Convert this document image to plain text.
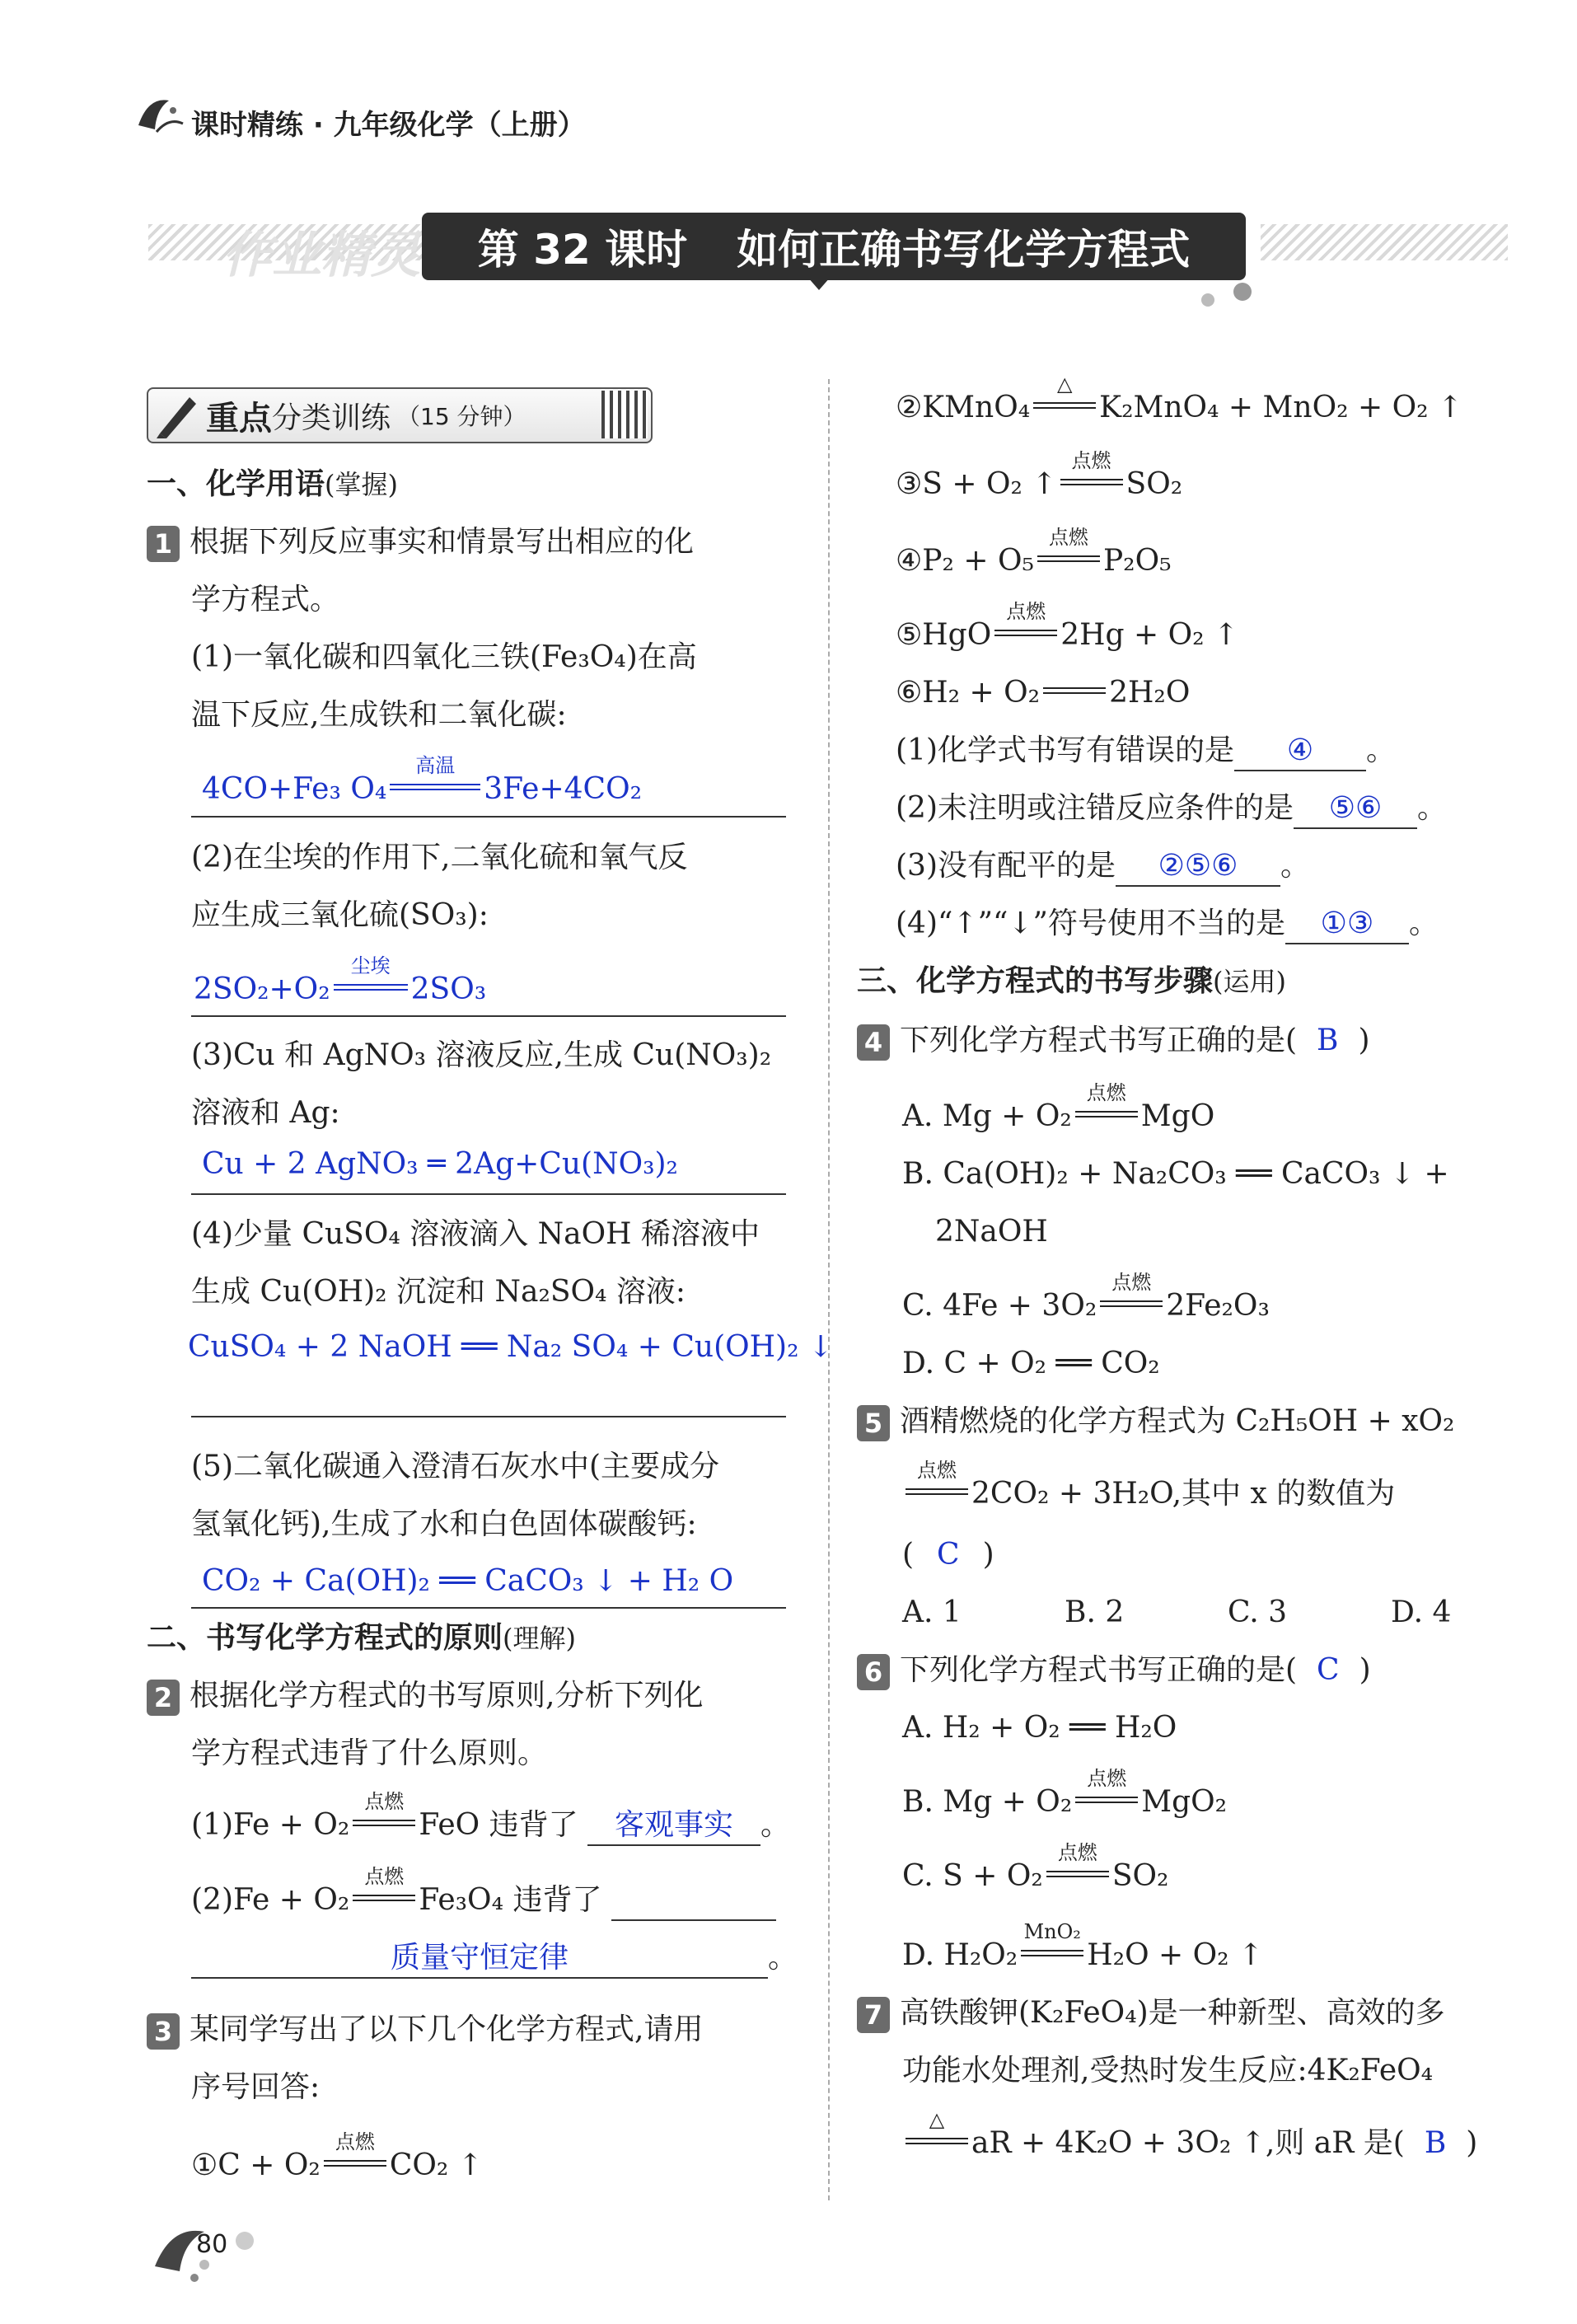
课时精练 · 九年级化学（上册）
作业精灵 第 32 课时 如何正确书写化学方程式
重点 分类训练 （15 分钟）
一、化学用语(掌握)
1 根据下列反应事实和情景写出相应的化
学方程式。
(1)一氧化碳和四氧化三铁(Fe₃O₄)在高
温下反应,生成铁和二氧化碳:
4CO+Fe₃ O₄
高温
3Fe+4CO₂
(2)在尘埃的作用下,二氧化硫和氧气反
应生成三氧化硫(SO₃):
2SO₂+O₂
尘埃
2SO₃
(3)Cu 和 AgNO₃ 溶液反应,生成 Cu(NO₃)₂
溶液和 Ag:
Cu + 2 AgNO₃ ═ 2Ag+Cu(NO₃)₂
(4)少量 CuSO₄ 溶液滴入 NaOH 稀溶液中
生成 Cu(OH)₂ 沉淀和 Na₂SO₄ 溶液:
CuSO₄ + 2 NaOH ══ Na₂ SO₄ + Cu(OH)₂ ↓
(5)二氧化碳通入澄清石灰水中(主要成分
氢氧化钙),生成了水和白色固体碳酸钙:
CO₂ + Ca(OH)₂ ══ CaCO₃ ↓ + H₂ O
二、书写化学方程式的原则(理解)
2 根据化学方程式的书写原则,分析下列化
学方程式违背了什么原则。
(1)Fe + O₂
点燃
FeO 违背了 客观事实 。
(2)Fe + O₂
点燃
Fe₃O₄ 违背了
质量守恒定律	。
3 某同学写出了以下几个化学方程式,请用
序号回答:
①C + O₂
点燃
CO₂ ↑
②KMnO₄
△
K₂MnO₄ + MnO₂ + O₂ ↑
③S + O₂ ↑
点燃
SO₂
④P₂ + O₅
点燃
P₂O₅
⑤HgO
点燃
2Hg + O₂ ↑
⑥H₂ + O₂ 2H₂O
(1)化学式书写有错误的是 ④ 。
(2)未注明或注错反应条件的是 ⑤⑥ 。
(3)没有配平的是 ②⑤⑥ 。
(4)“↑”“↓”符号使用不当的是 ①③ 。
三、化学方程式的书写步骤(运用)
4 下列化学方程式书写正确的是( B )
A. Mg + O₂
点燃
MgO
B. Ca(OH)₂ + Na₂CO₃ ══ CaCO₃ ↓ +
2NaOH
C. 4Fe + 3O₂
点燃
2Fe₂O₃
D. C + O₂ ══ CO₂
5 酒精燃烧的化学方程式为 C₂H₅OH + xO₂
点燃
2CO₂ + 3H₂O,其中 x 的数值为
( C )
A. 1	B. 2	C. 3	D. 4
6 下列化学方程式书写正确的是( C )
A. H₂ + O₂ ══ H₂O
B. Mg + O₂
点燃
MgO₂
C. S + O₂
点燃
SO₂
D. H₂O₂
MnO₂
H₂O + O₂ ↑
7 高铁酸钾(K₂FeO₄)是一种新型、高效的多
功能水处理剂,受热时发生反应:4K₂FeO₄
△
aR + 4K₂O + 3O₂ ↑,则 aR 是( B )
80
